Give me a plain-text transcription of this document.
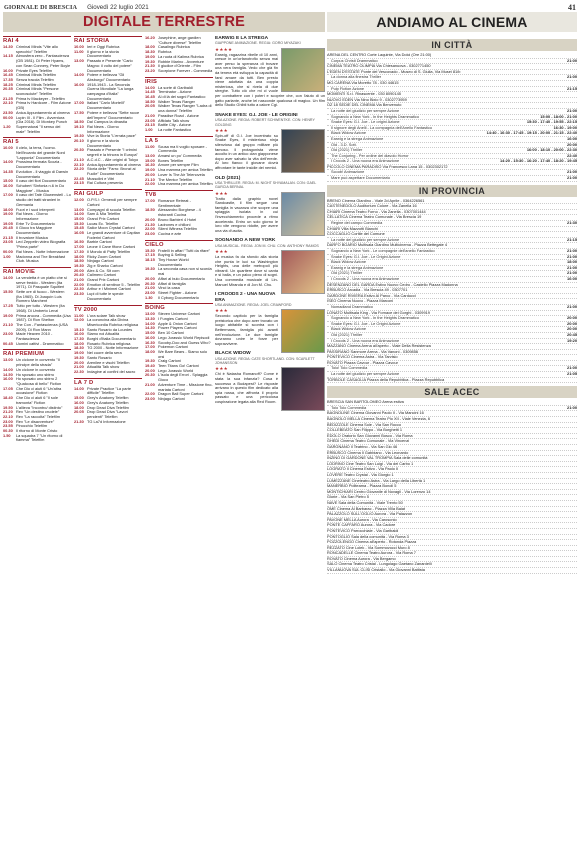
GIORNALE DI BRESCIA Giovedì 22 luglio 2021	41
DIGITALE TERRESTRE	ANDIAMO AL CINEMA
RAI 4
14.30 Criminal Minds "Vite allo specchio" Telefilm
14.15 Atmosfera zero - Fantascienza (GB 1981). Di Peter Hyams, con Sean Connery, Peter Boyle
16.00 Private Eyes Telefilm
16.45 Criminal Minds Telefilm
17.35 Senza traccia Telefilm
18.25 Criminal Minds Telefilm
20.35 Criminal Minds "Persone sconosciute" Telefilm
21.25 Prima tv Mackeyer - Telefilm
22.10 Prima tv Hardcore - Film Azione (GB)
23.50 Anica Appuntamento al cinema
00.00 Lupin III - Il Film - Avventura (Gia 2016). Di Monkey Punch
1.20	Supernatural "Il senso del male" Telefilm
RAI 5
10.00 Il cielo, la terra, l'uomo. Nell'incanto del grande Nord "Lapponia" Documentario
14.00 Prossima fermata Scozia - Documentario
14.35 Evolution - Il viaggio di Darwin Documentario
15.00 Il caso dei fiori Documentario
16.00 Schubert 'Sinfonia n.6 in Do Maggiore' - Musica
17.00 Il caso del Tatè Glowenstell - Lo studio dei tratti stranieri in Germania
18.00 Fuori e i suoi interpreti
19.00 Rai News - Giorno Informazione
19.05 Erbe Tv Documentario
20.45 Il Gioco tra Maggiore Documentario
21.15 Il trovatore Musica
23.05 Led Zeppelin video Biografia "Prima parte"
00.00 Rai News - Notte Informazione
1.00	Madonna and The Breakfast Club. Musica
RAI MOVIE
14.00 La vendetta è un piatto che si serve freddo - Western (Ita 1971). Di Pasquale Squitieri
15.50 Sette ore di fuoco - Western (Ita 1965). Di Joaquín Luis Romero Marchent
17.25 Tutto per tutto - Western (Ita 1968). Di Umberto Lenzi
19.00 Prima ancora - Commedia (Usa 1987). Di Ron Shelton
21.10 The Con - Fantascienza (USA 2009). Di Ron Mann
23.00 Made Heaven 2010 - Fantascienza
00.45 Uomini cattivi - Drammatico
RAI PREMIUM
13.00 Un ciclone in convento "Il principe della strada"
14.00 Un ciclone in convento
14.50 Ho sposato uno sbirro
16.00 Ho sposato uno sbirro 2 "Qualcosa di bello" Fiction
17.05 Che Dio ci aiuti 6 "Un'altra occasione" Fiction
18.40 Che Dio ci aiuti 6 "Il sole tramonta" Fiction
19.50 L'allieva "Incontro/ distinto"
21.20 Rex "Un destino crudele"
22.10 Rex "La raccolta" Telefilm
23.00 Rex "Le disavventure"
23.55 Pinocchio Telefilm
00.30 Il ritorno di Monte Cristo
1.50	La squadra 7 "Un ritorno di fiamma" Telefilm
RAI STORIA
10.00 Ieri e Oggi Rubrica
11.00 Il giorno e la storia Documentario
13.00 Passato e Presente "Carlo Magno: il volto del potere" Documentario
14.00 Potere e bellezza "Gli Absburgo" Documentario
16.00 1918-1943 - La Seconda Guerra Mondiale "La lunga campagna d'Italia" Documentario
17.00 Italiani "Carlo Mortelli" Documentario
17.50 Potere e bellezza "Sette rocce dell'Impero" Documentario
18.50 Dal Campus la dinastia
19.10 Rai News - Giorno Informazione
19.30 Vive la Storia "L'errata pace"
20.10 Il giorno e la storia Documentario
20.30 Passato e Presente "I crimini segreti e la trincea in Europa"
21.10 A.C.d.C. - Alle origini di Tokyo
22.10 Anica Appuntamento al cinema
22.20 Storia delle "Farro: Bronzi ai Fucile" Documentario
22.45 Mussolini e Vitri
23.15 Rai Cultura presenta
RAI GULP
12.00 O.P.S.!: Ormendi per sempre Cartoni
13.00 Compagni di scuola Telefilm
14.00 Sam & Mia Telefilm
15.00 Grand Prix Cartoni
15.30 Lucas Ec. Telefilm
15.45 Sailor Moon Crystal Cartoni
16.05 Le grandi avventure di Capitan Foderini Cartoni
16.50 Barbie Cartoni
17.00 Leone il Cane fifone Cartoni
17.30 Il Mondo di Patty Telefilm
18.00 Ricky Zoom Cartoni
18.50 Ninjago Cartoni
19.30 Zig e Sharko Cartoni
20.00 Alex & Co. Sit com
20.40 Calimero Cartoni
21.00 Grand Prix Cartoni
22.00 Emotion di sentinor 5 - Telefilm
22.30 Arthur e i Minimei Cartoni
23.30 Lupi di tutte le specie Documentario
TV 2000
11.00 L'ora solare Talk show
12.00 La coroncina alla Divina Misericordia Rubrica religiosa
15.10 Santo Rosario da Lourdes
16.00 Siamo noi Attualità
17.30 Borghi d'Italia Documentario
18.00 Rosario Rubrica religiosa
18.30 TG 2000 - Notte Informazione
19.00 Nel cuore della sera
19.30 Santo Rosario
20.00 Arenilee e vischi Telefilm
21.00 Attualità Talk show
22.30 Indagine ai confini del sacro
LA 7 D
14.00 Private Practice "La parte difficile" Telefilm
15.00 Grey's Anatomy Telefilm
16.00 Grey's Anatomy Telefilm
18.00 Drop Dead Diva Telefilm
20.05 Drop Dead Diva "Lavori pendenti" Telefilm
21.30 TG La7d Informazione
16.20 Josephine, ange gardien "Culture diverse" Telefilm
18.00 Casalingo Rubrica
18.30 Rubrica
19.00 La ruota di Kalima Rubrica
19.30 Robbie Marino - Avventure
21.30 Il giudice d'Oriente - Film
23.20 Scorpione Forever - Commedia
IRIS
14.00 La sorte di Garibaldi
14.45 Terminator - Azione
16.45 Al di là dei sogni Fantastico
18.50 Walker Texas Ranger
20.05 Walker Texas Ranger "Ladra di una donna" Telefilm
21.00 Paradise Road - Azione
23.05 Affidato Talk show
23.15 Battle City - Azione
1.00	La notte Fantastico
LA 5
11.00 Scusa ma ti voglio sposare - Commedia
13.00 Amarsi un po' Commedia
15.00 Bones Telefilm
16.30 Amore per sempre Film
19.00 Una mamma per amica Telefilm
20.00 Lover Is The Air Telenovela
21.10 The Mentor Telefilm
22.00 Una mamma per amica Telefilm
TV8
17.00 Romance Retreat - Sentimentale
18.50 Alessandro Borghese - 4 ristoranti Cucina
20.00 Bruno Barbieri 4 Hotel
21.30 Ladrones e chilloni
22.00 Silent Witness Telefilm
23.00 Cucina e arte
CIELO
15.30 Fratelli in affari "Tutti da rifare"
17.15 Buying & Selling
18.15 Tiny House World Documentario
19.30 La seconda casa non si scorda mai
20.00 Affari al buio Documentario
20.30 Affari di famiglia
21.00 Vinci la casa
23.00 Street Fighter - Azione
1.30	Il Cyborg Documentario
BOING
13.00 Steven Universe Cartoni
13.30 I Fungies Cartoni
14.00 Apple & Onion Cartoni
14.30 Power Players Cartoni
15.00 Ben 10 Cartoni
16.00 Lego Jurassic World Repisodi
16.30 Scooby-Doo and Guess Who?
17.00 Pokemon Cartoni
18.00 We Bare Bears - Siamo solo orsi
19.30 Craig Cartoni
19.40 Teen Titans Go! Cartoni
20.00 Lego Jurassic World
20.30 L'isola degli Errori - Spiaggia Gioco
21.00 Adventure Time - Missione fino-mariata Cartoni
22.00 Dragon Ball Super Cartoni
23.00 Ninjago Cartoni
EARWIG E LA STREGA
GIAPPONE ANIMAZIONE. REGIA: GORO MIYAZAKI
★★★★
Earwig, ragazzina ribelle di 10 anni, cresce in un'orfanotrofio senza mai aver perso la speranza di trovare una vera famiglia. Vedo che già fin da tenera età sviluppa la capacità di farsi amare da tutti. Ben presto viene adottata da una coppia misteriosa, che si rivela di due streghe. Tutto ciò che mi ci vuole per combattere con i poteri e scoprire che, con l'aiuto di un gatto parlante, anche lei nasconde qualcosa di magico. Un film dello Studio Ghibli tutto a calore Cgi.
SNAKE EYES: G.I. JOE - LE ORIGINI
USA AZIONE. REGIA: ROBERT SCHWENTKE. CON: HENRY GOLDING
★★★
Spin-off di G.I. Joe incentrato su Snake Eyes, il misterioso ninja silenzioso dal gruppo militare più famoso. Il protagonista viene accolto in un antico clan giapponese dopo aver salvato la vita dell'erede. Al loro fianco il giovane dovrà affrontare le tante insidie dei nemici.
OLD (2021)
USA THRILLER. REGIA: M. NIGHT SHYAMALAN. CON: GAEL GARCIA BERNAL
★★★
Tratto dalla graphic novel Sandcastle, il film segue una famiglia in vacanza che scopre una spiaggia isolata in cui l'invecchiamento procede a ritmo accelerato. Entro un solo giorno le loro vite vengono ridotte, per avere una via d'uscita.
SOGNANDO A NEW YORK
USA MUSICAL. REGIA: JON M. CHU. CON: ANTHONY RAMOS
★★★
La musica fa da sfondo alla storia che punta le luci su Washington Heights, una delle metropoli più vibranti. Un quartiere dove si canta e si balla, e un palco pieno di sogni. Una commedia musicale di Lin-Manuel Miranda e di Jon M. Chu.
I CROODS 2 - UNA NUOVA ERA
USA ANIMAZIONE. REGIA: JOEL CRAWFORD
★★★
Secondo capitolo per la famiglia preistorica che dopo aver trovato un luogo abitabile si scontra con i Bettermans, famiglia più avanti nell'evoluzione. Le due famiglie dovranno unire le forze per sopravvivere.
BLACK WIDOW
USA AZIONE. REGIA: CATE SHORTLAND. CON: SCARLETT JOHANSSON
★★★
Chi è Natasha Romanoff? Come è stata la sua infanzia? Cosa è successo a Budapest? Le risposte arrivano in questo film dedicato alla spia russa, che affronta il proprio passato e una pericolosa cospirazione legata alla Red Room.
IN CITTÀ
ARENA DEL CENTRO Corte Laquinte, Via Dolci (Ore 21:00)
Corpus Christi Drammatico	21:00
CINEMA TEATRO OLIMPIA Via Chiesanuova - 0302771450
L'EDEN D'ESTATE Ponte del Vescovado - Museo di S. Giulia, Via Musei 81/b
La donna alla finestra Thriller	21:00
MO.CARENA Via Moretto 78 - 030 44615
Pulp Fiction Azione	21:15
MOMENTI S.r.l. Rinascente - 030 8090145
NUOVO EDEN Via Nino Bixio 9 - 0302773959
OZ 18 SEDIE DEL CINEMA Via Benvenuto
La notte del giudizio per sempre Azione	21:00
Sognando a New York - In the Heights Drammatico	15:00 - 18:00 - 21:00
Snake Eyes: G.I. Joe - Le origini Azione	15:30 - 17:40 - 19:55 - 22:15
Il signore degli Anelli - La compagnia dell'Anello Fantastico	16:30 - 19:00
Black Widow Azione	14:40 - 16:30 - 17:45 - 19:15 - 20:00 - 21:15 - 22:40
Earwig e la strega Animazione	16:00
Old - 3.D. Sott.	20:00
Old (2021) Thriller	16:00 - 18:10 - 20:00 - 22:30
The Conjuring - Per ordine del diavolo Horror	22:40
I Croods 2 - Una nuova era Animazione	14:20 - 15:30 - 16:20 - 17:40 - 18:20 - 19:45
PICCOLO CINEMA PARADISO Via Francesco Lana 15 - 0302302172
Scoob! Animazione	21:00
Mare può aspettare Documentario	21:00
IN PROVINCIA
BRENO Cinema Giardino - Viale 2d Aprile - 0364226561
CASTENEDOLO Auditorium Colore - Via Zanella 16
CHIARI Cinema Teatro Forno - Via Zanella - 0307001444
CELLATICA Cinema Teatro Comunale - Via Brescia 19
Regine del campo Commedia	21:30
CHIARI Villa Mazzotti Bianchi
COCCAGLIO Cortile del Comune
La notte del giudizio per sempre Azione	21:15
DARFO BOARIO Multisala Giardino Multicinema - Piazza Bettegate 4
Sognando a New York - Le compagnie dell'anello Fantastico	21:00
Snake Eyes: G.I. Joe - Le Origini Azione	21:00
Black Widow Azione	18:00
Earwig e la strega Animazione	21:00
Old (2021) Thriller	21:00
I Croods 2 - Una nuova era Animazione	16:00
DESENZANO DEL GARDA Estivo Nuovo Cedro - Castello Piazza Madonna
ERBUSCO Arcadia - Via Brescia 49 - 0307701
GARDONE RIVIERA Estivo Al Parco - Via Carducci
ISEO Cinema Nuovo - Piazza Marconi
Nomadland Drammatico	21:00
LONATO Multisala King - Via Fornace dei Gorghi - 0309919
Sognando a New York - In the Heights Drammatico	20:00
Snake Eyes: G.I. Joe - Le Origini Azione	20:00
Black Widow Azione	20:00
Old (2021) Thriller	20:45
I Croods 2 - Una nuova era Animazione	19:20
MAZZANO Cinema Arena all'aperto - Viale Della Resistenza
PASSIRANO Sanmore Arena - Via Vanoni - 0309856
PONTEVICO Cinema Astra - Via Tarvisio
ROVATO Piazza Cavour - Piazza Cavour
Tolo! Tolo Commedia	21:00
La notte del giudizio per sempre Azione	21:05
TORBOLE CASAGLIA Piazza della Repubblica - Piazza Repubblica
SALE ACEC
BRESCIA SAN BARTOLOMEO Arena estiva
Tolo Tolo Commedia	21:00
BAGNOLINE Cinema Giovanni Paolo II - Via Mancini 16
BAGNOLO MELLA Cinema Teatro Pio XII - Viale Venezia, 6
BEDIZZOLE Cinema Sole - Via San Rocco
COLLEBEATO San Filippo - Via Borghetti 1
EDOLO Oratorio San Giovanni Bosco - Via Roma
GHEDI Cinema Teatro Comunale - Via Vincenzi
GARGNANO Il Teatrino - Via San Gio 46
ERBUSCO Cinema Il Gabbiano - Via Leonardo
INZINO DI GARDONE VAL TROMPIA Sala delle comunità
LODRINO Cine Teatro San Luigi - Via del Carbo 1
LOGRATO Il Cinema Estivo - Via Paolo II
LOVERE Teatro Crystal - Via Giorgio 1
LUMEZZANE Cineteatro Astra - Via Largo della Libertà 1
MANERBIO Politeama - Piazza Bonoli 5
MONTICHIARI Centro Giovanile di Novagli - Via Lorenzo 14
Glorie - Via San Pietro 5
NAVE Sala della Comunità - Viale Trento 50
OME Cinema Al Barbarac - Piazza Villa Baiat
PALAZZOLO SULL'OGLIO Aurora - Via Palazzon
PAVONE MELLA Aurora - Via Carosonio
PONTE CAFFARO Aurora - Via Cadore
PONTEVICO Parrocchiale - Via Garibaldi
PONTOGLIO Sala della comunità - Via Roma 3
POZZOLENGO Cinema all'aperto - Rotonda Piazza
REZZATO Cine Lolek - Via Sommovocci Muro 8
RONCADELLE Cinema Teatro Aurora - Via Roma 7
ROVATO Cinema Aurora - Via Bergamo
SALÒ Cinema Teatro Cristal - Lungolago Gaetano Zanardelli
VILLANUOVA SUL CLISI Cristallo - Via Giovanni Battista
